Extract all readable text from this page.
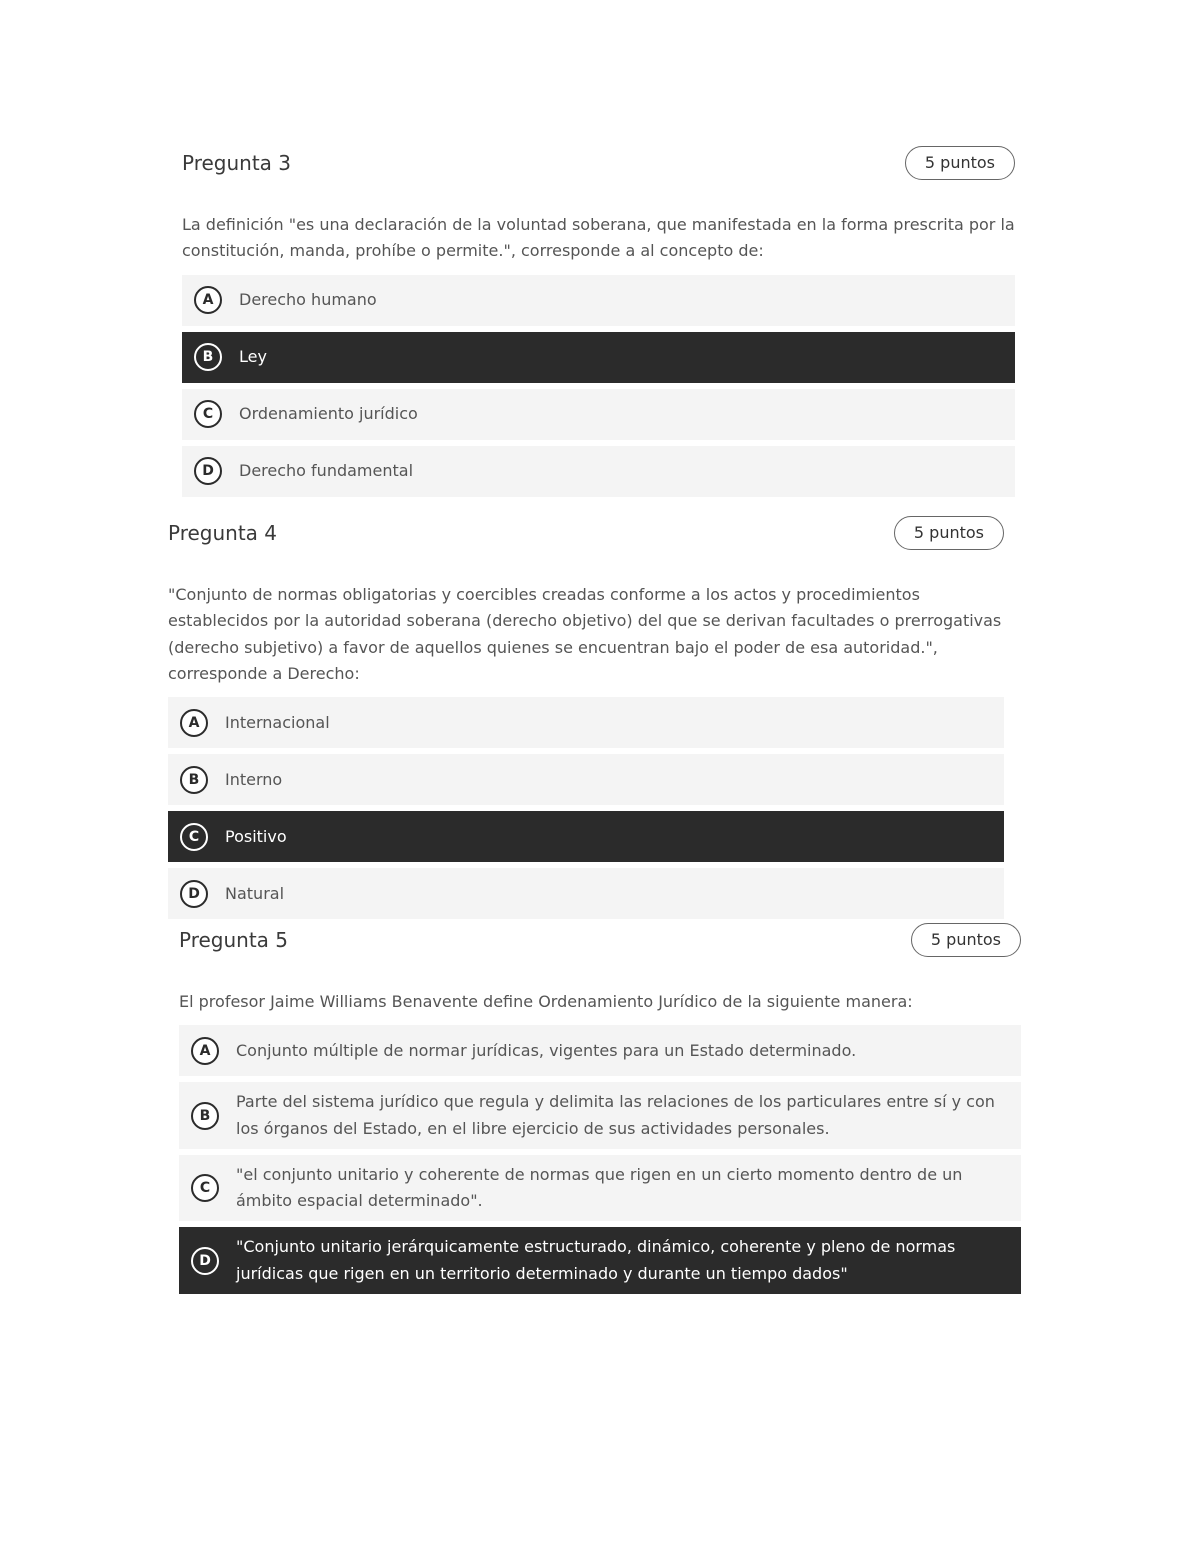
Pregunta 3	5 puntos
La definición "es una declaración de la voluntad soberana, que manifestada en la forma prescrita por la constitución, manda, prohíbe o permite.", corresponde a al concepto de:
A	Derecho humano
B	Ley
C	Ordenamiento jurídico
D	Derecho fundamental
Pregunta 4	5 puntos
"Conjunto de normas obligatorias y coercibles creadas conforme a los actos y procedimientos establecidos por la autoridad soberana (derecho objetivo) del que se derivan facultades o prerrogativas (derecho subjetivo) a favor de aquellos quienes se encuentran bajo el poder de esa autoridad.", corresponde a Derecho:
A	Internacional
B	Interno
C	Positivo
D	Natural
Pregunta 5	5 puntos
El profesor Jaime Williams Benavente define Ordenamiento Jurídico de la siguiente manera:
A	Conjunto múltiple de normar jurídicas, vigentes para un Estado determinado.
B
Parte del sistema jurídico que regula y delimita las relaciones de los particulares entre sí y con los órganos del Estado, en el libre ejercicio de sus actividades personales.
C
"el conjunto unitario y coherente de normas que rigen en un cierto momento dentro de un ámbito espacial determinado".
D
"Conjunto unitario jerárquicamente estructurado, dinámico, coherente y pleno de normas jurídicas que rigen en un territorio determinado y durante un tiempo dados"
